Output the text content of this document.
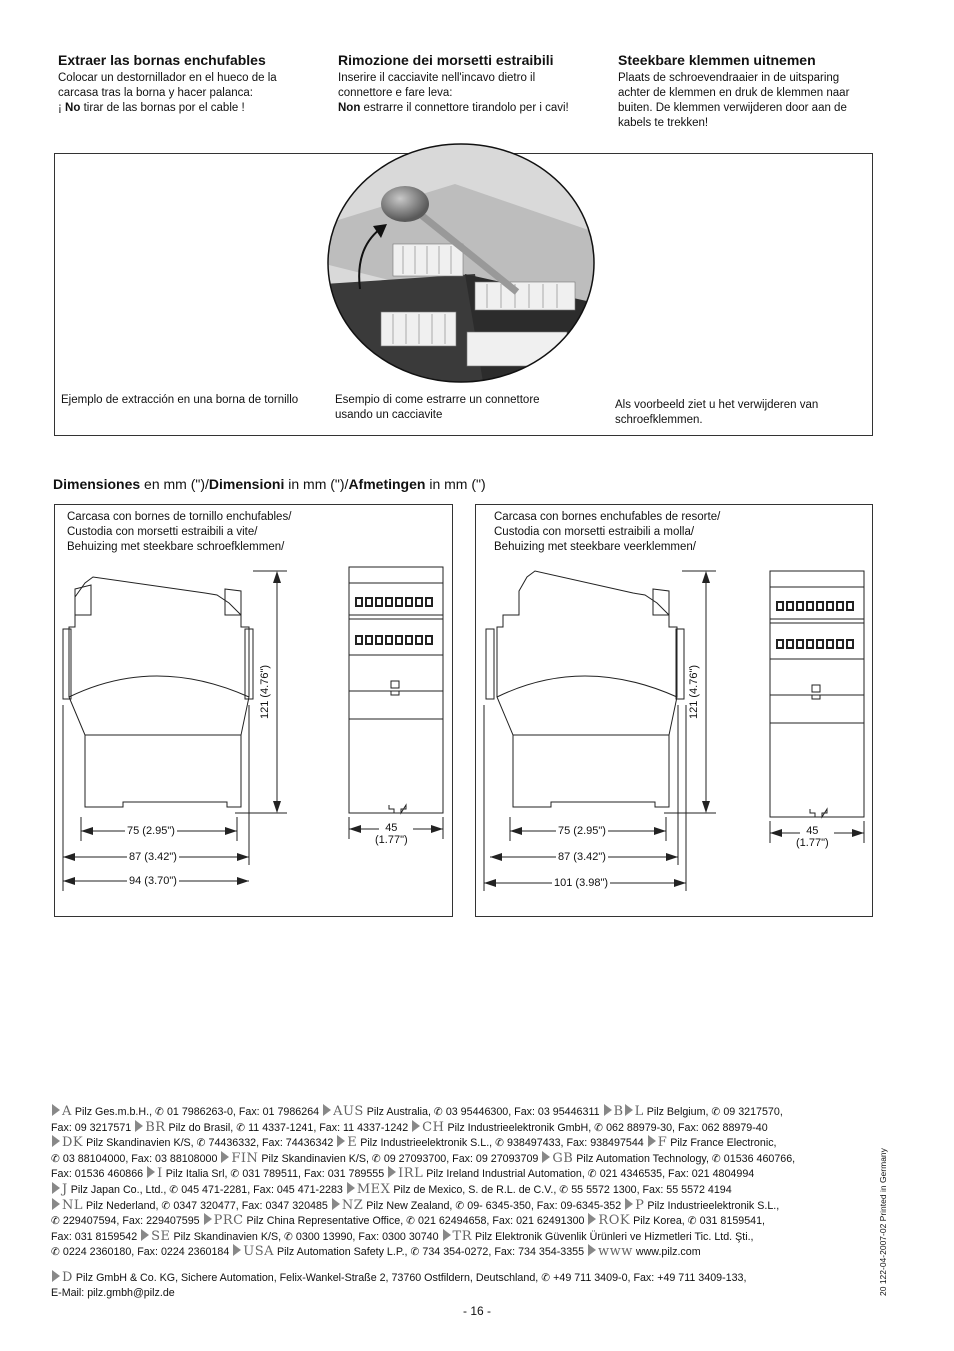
Extraer las bornas enchufables

Colocar un destornillador en el hueco de la
carcasa tras la borna y hacer palanca:
¡ No tirar de las bornas por el cable !

Rimozione dei morsetti estraibili

Inserire il cacciavite nell'incavo dietro il
connettore e fare leva:
Non estrarre il connettore tirandolo per i cavi!

Steekbare klemmen uitnemen

Plaats de schroevendraaier in de uitsparing
achter de klemmen en druk de klemmen naar
buiten. De klemmen verwijderen door aan de
kabels te trekken!

Ejemplo de extracción en una borna de tornillo	Esempio di come estrarre un connettore
usando un cacciavite
Als voorbeeld ziet u het verwijderen van
schroefklemmen.
Dimensiones en mm (")/Dimensioni in mm (")/Afmetingen in mm (")
Carcasa con bornes de tornillo enchufables/
Custodia con morsetti estraibili a vite/
Behuizing met steekbare schroefklemmen/
121 (4.76")
75 (2.95")
87 (3.42")
94 (3.70")
45
(1.77")
Carcasa con bornes enchufables de resorte/
Custodia con morsetti estraibili a molla/
Behuizing met steekbare veerklemmen/
121 (4.76")
75 (2.95")
87 (3.42")
101 (3.98")
45
(1.77")
A Pilz Ges.m.b.H., ✆ 01 7986263-0, Fax: 01 7986264 AUS Pilz Australia, ✆ 03 95446300, Fax: 03 95446311 B L Pilz Belgium, ✆ 09 3217570,
Fax: 09 3217571 BR Pilz do Brasil, ✆ 11 4337-1241, Fax: 11 4337-1242 CH Pilz Industrieelektronik GmbH, ✆ 062 88979-30, Fax: 062 88979-40
DK Pilz Skandinavien K/S, ✆ 74436332, Fax: 74436342 E Pilz Industrieelektronik S.L., ✆ 938497433, Fax: 938497544 F Pilz France Electronic,
✆ 03 88104000, Fax: 03 88108000 FIN Pilz Skandinavien K/S, ✆ 09 27093700, Fax: 09 27093709 GB Pilz Automation Technology, ✆ 01536 460766,
Fax: 01536 460866 I Pilz Italia Srl, ✆ 031 789511, Fax: 031 789555 IRL Pilz Ireland Industrial Automation, ✆ 021 4346535, Fax: 021 4804994
J Pilz Japan Co., Ltd., ✆ 045 471-2281, Fax: 045 471-2283 MEX Pilz de Mexico, S. de R.L. de C.V., ✆ 55 5572 1300, Fax: 55 5572 4194
NL Pilz Nederland, ✆ 0347 320477, Fax: 0347 320485 NZ Pilz New Zealand, ✆ 09- 6345-350, Fax: 09-6345-352 P Pilz Industrieelektronik S.L.,
✆ 229407594, Fax: 229407595 PRC Pilz China Representative Office, ✆ 021 62494658, Fax: 021 62491300 ROK Pilz Korea, ✆ 031 8159541,
Fax: 031 8159542 SE Pilz Skandinavien K/S, ✆ 0300 13990, Fax: 0300 30740 TR Pilz Elektronik Güvenlik Ürünleri ve Hizmetleri Tic. Ltd. Şti.,
✆ 0224 2360180, Fax: 0224 2360184 USA Pilz Automation Safety L.P., ✆ 734 354-0272, Fax: 734 354-3355 www www.pilz.com
D Pilz GmbH & Co. KG, Sichere Automation, Felix-Wankel-Straße 2, 73760 Ostfildern, Deutschland, ✆ +49 711 3409-0, Fax: +49 711 3409-133,
E-Mail: pilz.gmbh@pilz.de	20 122-04-2007-02 Printed in Germany
- 16 -
